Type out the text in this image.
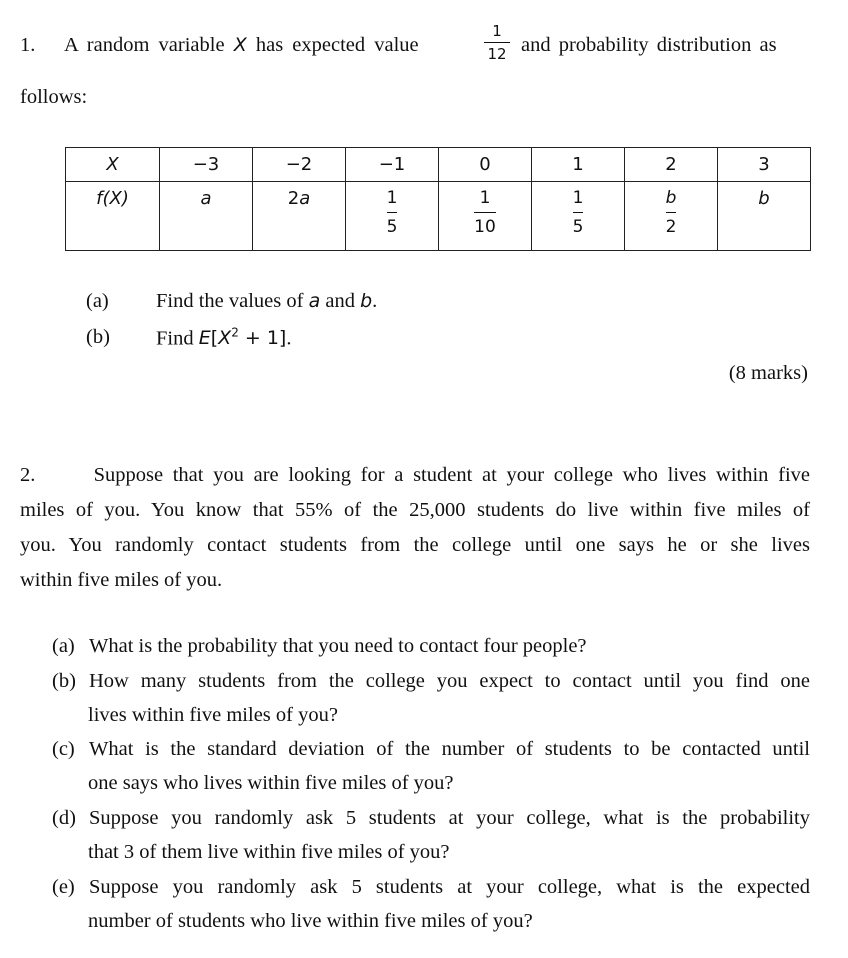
1. A random variable X has expected value
1
12 and probability distribution as
follows:
X	−3	−2	−1	0	1	2	3

f(X)	a	2a	$\frac{1}{5}$	$\frac{1}{10}$	$\frac{1}{5}$	$\frac{b}{2}$	b
(a) Find the values of a and b.
(b) Find $E[X^2 + 1]$.
(8 marks)
2.	Suppose that you are looking for a student at your college who lives within five
miles of you. You know that 55% of the 25,000 students do live within five miles of
you. You randomly contact students from the college until one says he or she lives
within five miles of you.
(a) What is the probability that you need to contact four people?
(b) How many students from the college you expect to contact until you find one
lives within five miles of you?
(c) What is the standard deviation of the number of students to be contacted until
one says who lives within five miles of you?
(d) Suppose you randomly ask 5 students at your college, what is the probability
that 3 of them live within five miles of you?
(e) Suppose you randomly ask 5 students at your college, what is the expected
number of students who live within five miles of you?
